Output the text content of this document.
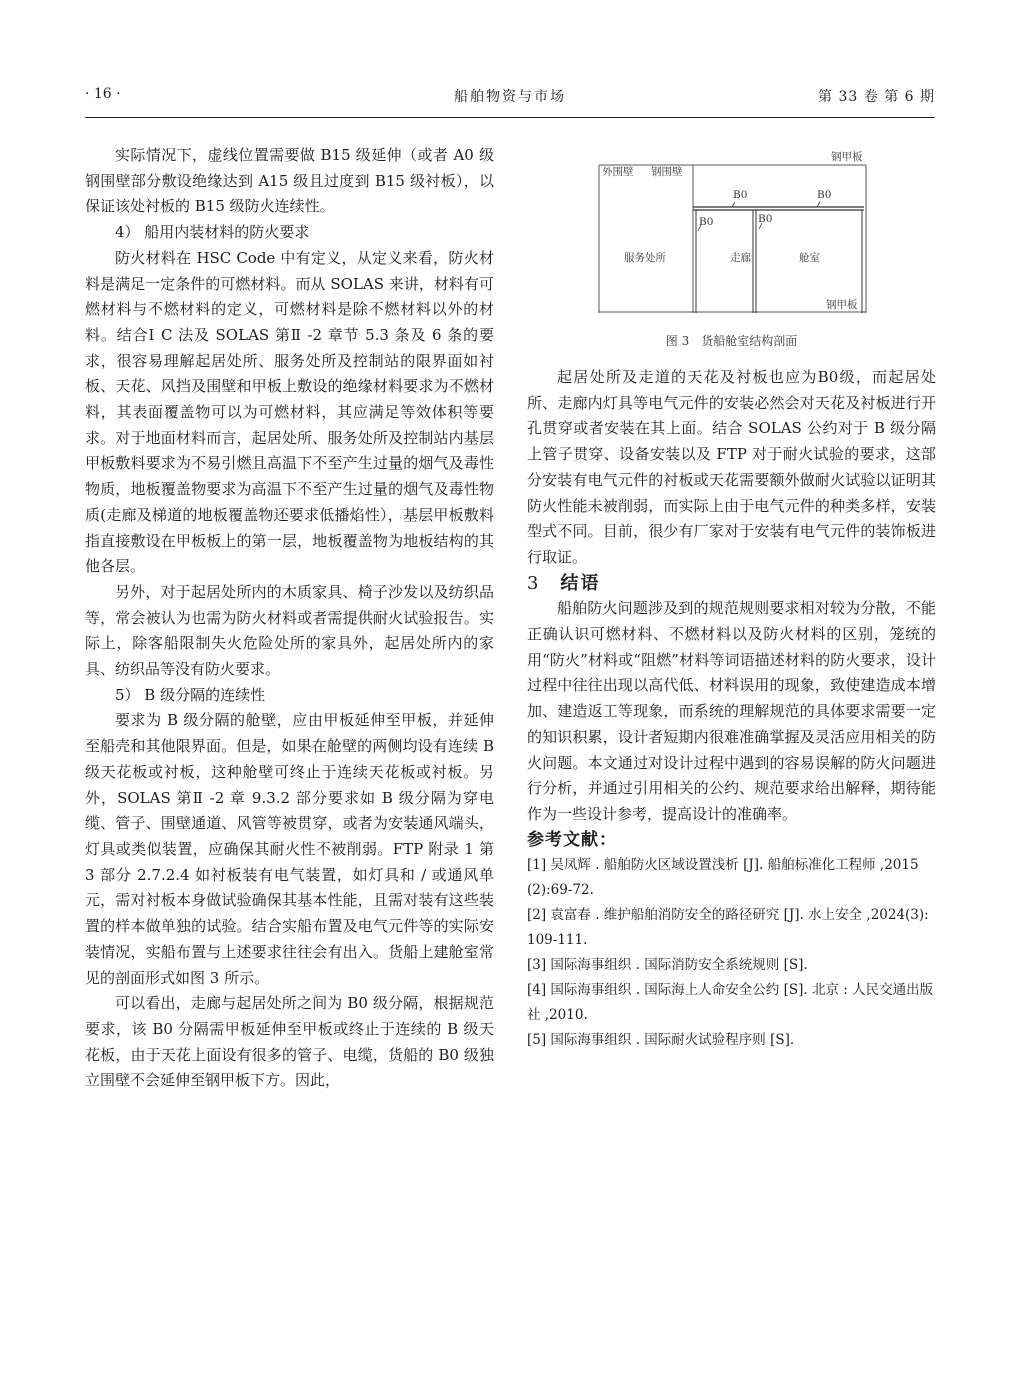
· 16 ·	船舶物资与市场	第 33 卷 第 6 期

实际情况下，虚线位置需要做 B15 级延伸（或者 A0 级钢围壁部分敷设绝缘达到 A15 级且过度到 B15 级衬板），以保证该处衬板的 B15 级防火连续性。

4） 船用内装材料的防火要求

防火材料在 HSC Code 中有定义，从定义来看，防火材料是满足一定条件的可燃材料。而从 SOLAS 来讲，材料有可燃材料与不燃材料的定义，可燃材料是除不燃材料以外的材料。结合Ⅰ C 法及 SOLAS 第Ⅱ -2 章节 5.3 条及 6 条的要求，很容易理解起居处所、服务处所及控制站的限界面如衬板、天花、风挡及围壁和甲板上敷设的绝缘材料要求为不燃材料，其表面覆盖物可以为可燃材料，其应满足等效体积等要求。对于地面材料而言，起居处所、服务处所及控制站内基层甲板敷料要求为不易引燃且高温下不至产生过量的烟气及毒性物质，地板覆盖物要求为高温下不至产生过量的烟气及毒性物质(走廊及梯道的地板覆盖物还要求低播焰性），基层甲板敷料指直接敷设在甲板板上的第一层，地板覆盖物为地板结构的其他各层。

另外，对于起居处所内的木质家具、椅子沙发以及纺织品等，常会被认为也需为防火材料或者需提供耐火试验报告。实际上，除客船限制失火危险处所的家具外，起居处所内的家具、纺织品等没有防火要求。

5） B 级分隔的连续性

要求为 B 级分隔的舱壁，应由甲板延伸至甲板，并延伸至船壳和其他限界面。但是，如果在舱壁的两侧均设有连续 B 级天花板或衬板，这种舱壁可终止于连续天花板或衬板。另外，SOLAS 第Ⅱ -2 章 9.3.2 部分要求如 B 级分隔为穿电缆、管子、围壁通道、风管等被贯穿，或者为安装通风端头，灯具或类似装置，应确保其耐火性不被削弱。FTP 附录 1 第 3 部分 2.7.2.4 如衬板装有电气装置，如灯具和 / 或通风单元，需对衬板本身做试验确保其基本性能，且需对装有这些装置的样本做单独的试验。结合实船布置及电气元件等的实际安装情况，实船布置与上述要求往往会有出入。货船上建舱室常见的剖面形式如图 3 所示。

可以看出，走廊与起居处所之间为 B0 级分隔，根据规范要求，该 B0 分隔需甲板延伸至甲板或终止于连续的 B 级天花板，由于天花上面设有很多的管子、电缆，货船的 B0 级独立围壁不会延伸至钢甲板下方。因此，

外围壁 钢围壁
钢甲板
B0	B0
B0	B0
服务处所	走廊	舱室
钢甲板
图 3　货船舱室结构剖面

起居处所及走道的天花及衬板也应为B0级，而起居处所、走廊内灯具等电气元件的安装必然会对天花及衬板进行开孔贯穿或者安装在其上面。结合 SOLAS 公约对于 B 级分隔上管子贯穿、设备安装以及 FTP 对于耐火试验的要求，这部分安装有电气元件的衬板或天花需要额外做耐火试验以证明其防火性能未被削弱，而实际上由于电气元件的种类多样，安装型式不同。目前，很少有厂家对于安装有电气元件的装饰板进行取证。

3 结语

船舶防火问题涉及到的规范规则要求相对较为分散，不能正确认识可燃材料、不燃材料以及防火材料的区别，笼统的用“防火”材料或“阻燃”材料等词语描述材料的防火要求，设计过程中往往出现以高代低、材料误用的现象，致使建造成本增加、建造返工等现象，而系统的理解规范的具体要求需要一定的知识积累，设计者短期内很难准确掌握及灵活应用相关的防火问题。本文通过对设计过程中遇到的容易误解的防火问题进行分析，并通过引用相关的公约、规范要求给出解释，期待能作为一些设计参考，提高设计的准确率。

参考文献：

[1] 吴凤辉 . 船舶防火区域设置浅析 [J]. 船舶标准化工程师 ,2015 (2):69-72.

[2] 袁富春 . 维护船舶消防安全的路径研究 [J]. 水上安全 ,2024(3): 109-111.

[3] 国际海事组织 . 国际消防安全系统规则 [S].

[4] 国际海事组织 . 国际海上人命安全公约 [S]. 北京 : 人民交通出版社 ,2010.

[5] 国际海事组织 . 国际耐火试验程序则 [S].
